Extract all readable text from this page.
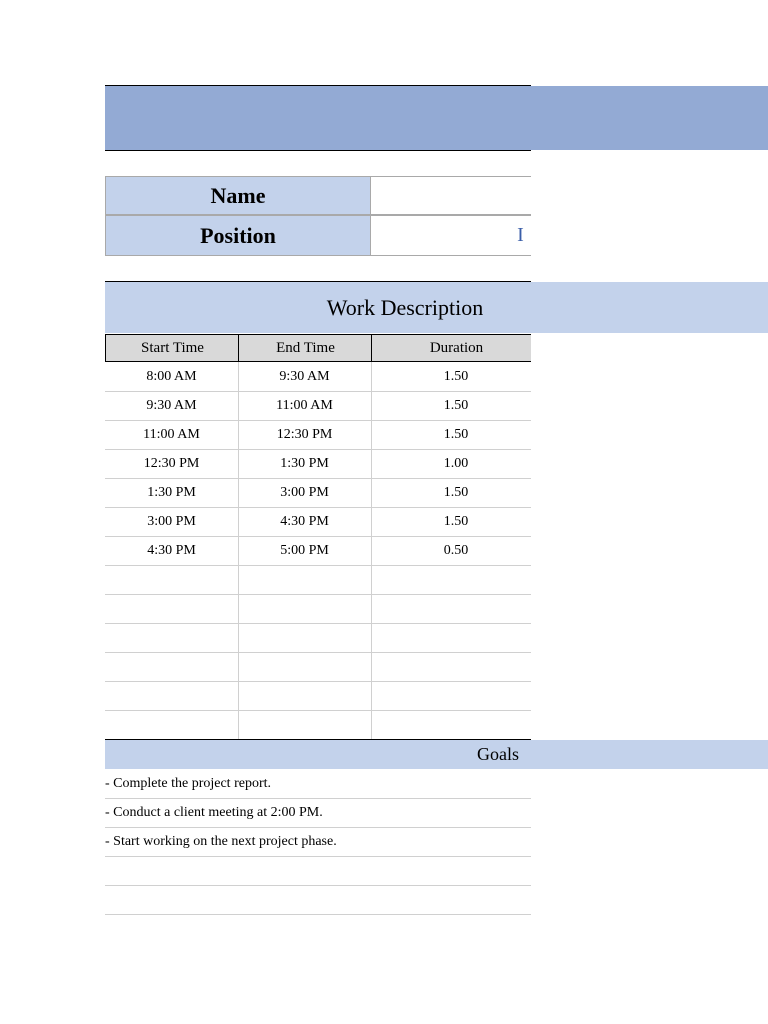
Name
Position	I
Work Description
Start Time	End Time	Duration
8:00 AM	9:30 AM	1.50
9:30 AM	11:00 AM	1.50
11:00 AM	12:30 PM	1.50
12:30 PM	1:30 PM	1.00
1:30 PM	3:00 PM	1.50
3:00 PM	4:30 PM	1.50
4:30 PM	5:00 PM	0.50
Goals
- Complete the project report.
- Conduct a client meeting at 2:00 PM.
- Start working on the next project phase.
